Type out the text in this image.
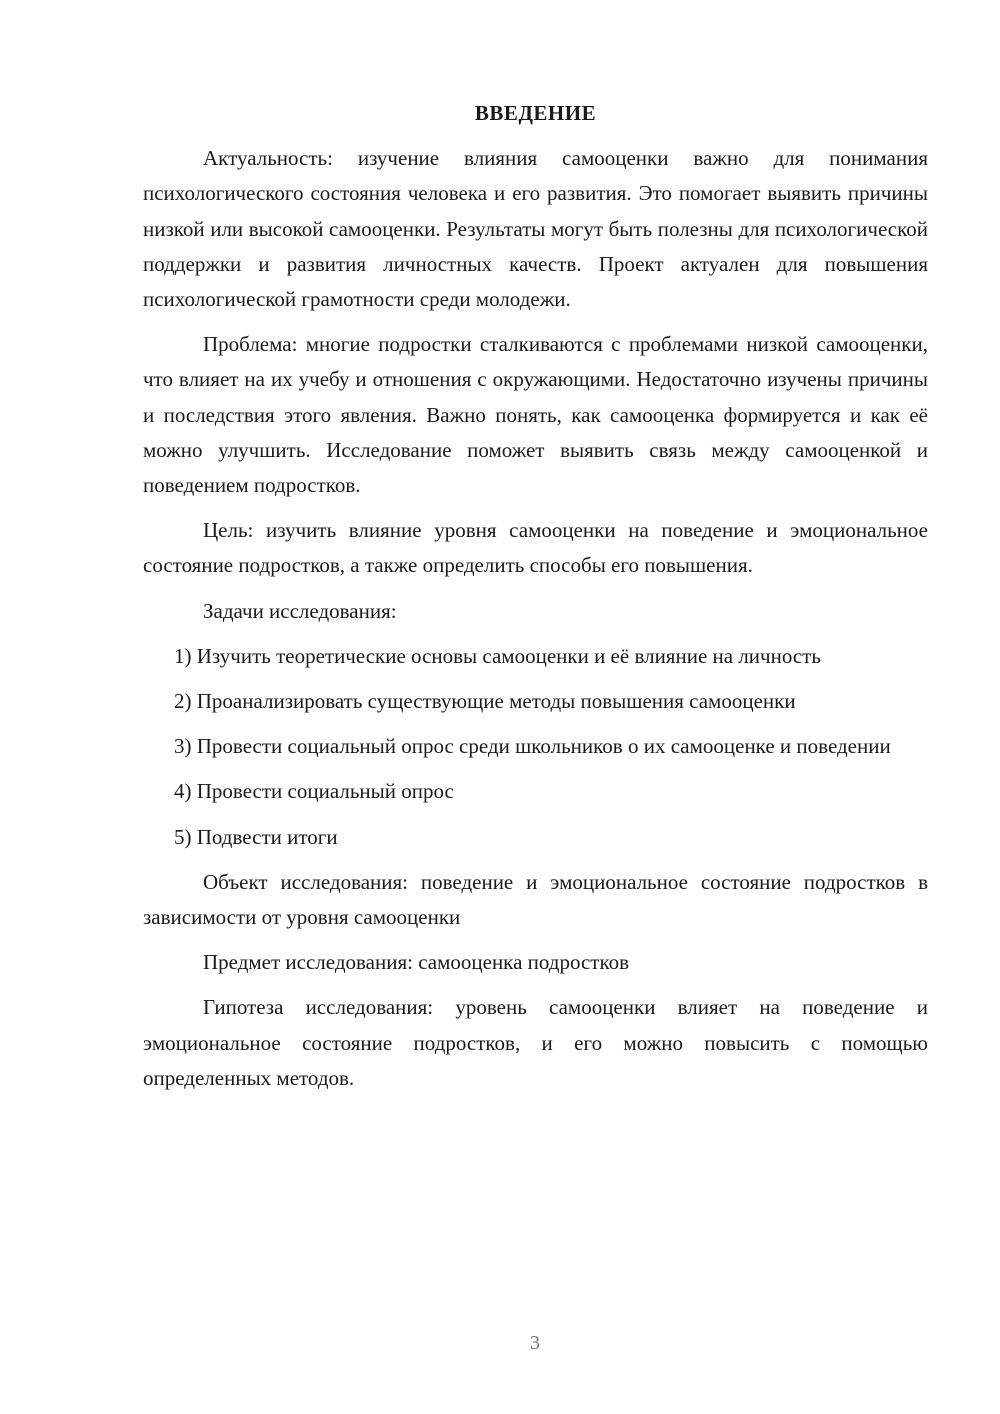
ВВЕДЕНИЕ

Актуальность: изучение влияния самооценки важно для понимания психологического состояния человека и его развития. Это помогает выявить причины низкой или высокой самооценки. Результаты могут быть полезны для психологической поддержки и развития личностных качеств. Проект актуален для повышения психологической грамотности среди молодежи.

Проблема: многие подростки сталкиваются с проблемами низкой самооценки, что влияет на их учебу и отношения с окружающими. Недостаточно изучены причины и последствия этого явления. Важно понять, как самооценка формируется и как её можно улучшить. Исследование поможет выявить связь между самооценкой и поведением подростков.

Цель: изучить влияние уровня самооценки на поведение и эмоциональное состояние подростков, а также определить способы его повышения.

Задачи исследования:

1) Изучить теоретические основы самооценки и её влияние на личность

2) Проанализировать существующие методы повышения самооценки

3) Провести социальный опрос среди школьников о их самооценке и поведении

4) Провести социальный опрос

5) Подвести итоги

Объект исследования: поведение и эмоциональное состояние подростков в зависимости от уровня самооценки

Предмет исследования: самооценка подростков

Гипотеза исследования: уровень самооценки влияет на поведение и эмоциональное состояние подростков, и его можно повысить с помощью определенных методов.

3
